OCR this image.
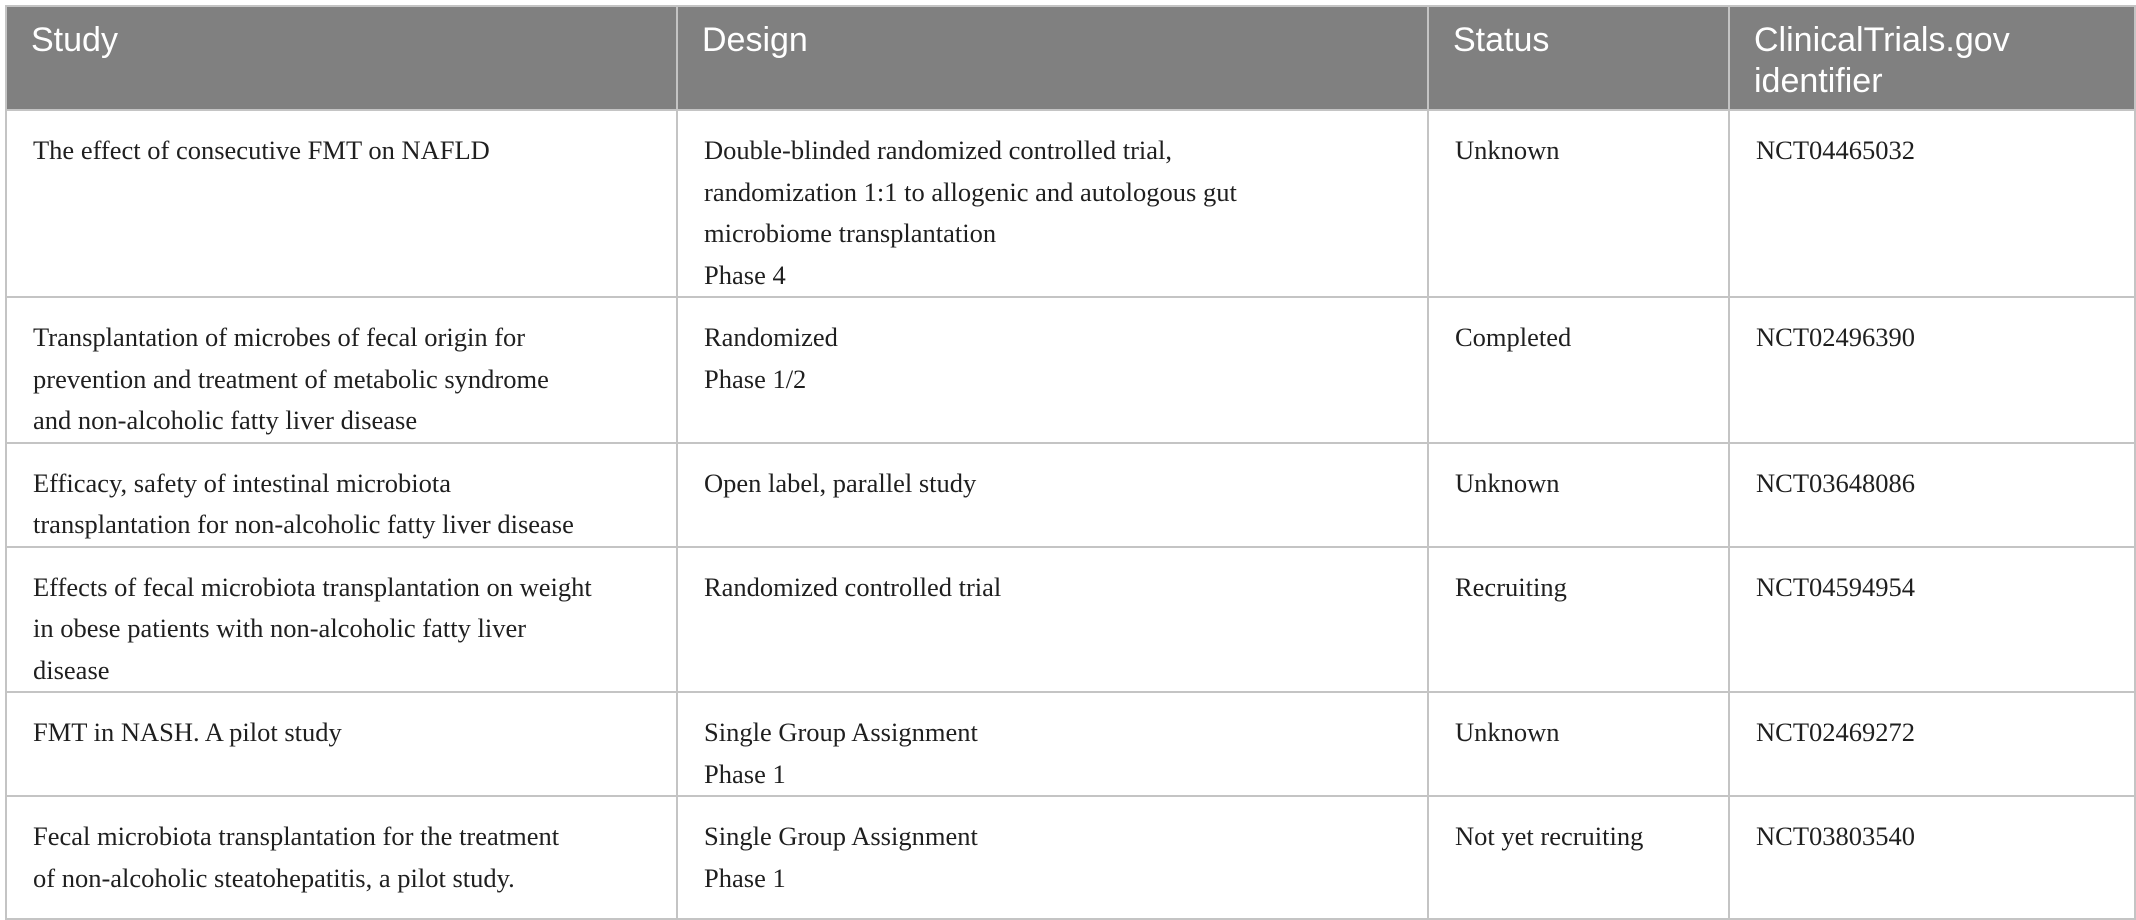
Study	Design	Status	ClinicalTrials.gov
identifier

The effect of consecutive FMT on NAFLD	Double-blinded randomized controlled trial,
randomization 1:1 to allogenic and autologous gut
microbiome transplantation
Phase 4	Unknown	NCT04465032

Transplantation of microbes of fecal origin for
prevention and treatment of metabolic syndrome
and non-alcoholic fatty liver disease	Randomized
Phase 1/2	Completed	NCT02496390

Efficacy, safety of intestinal microbiota
transplantation for non-alcoholic fatty liver disease	Open label, parallel study	Unknown	NCT03648086

Effects of fecal microbiota transplantation on weight
in obese patients with non-alcoholic fatty liver
disease	Randomized controlled trial	Recruiting	NCT04594954

FMT in NASH. A pilot study	Single Group Assignment
Phase 1	Unknown	NCT02469272

Fecal microbiota transplantation for the treatment
of non-alcoholic steatohepatitis, a pilot study.	Single Group Assignment
Phase 1	Not yet recruiting	NCT03803540
